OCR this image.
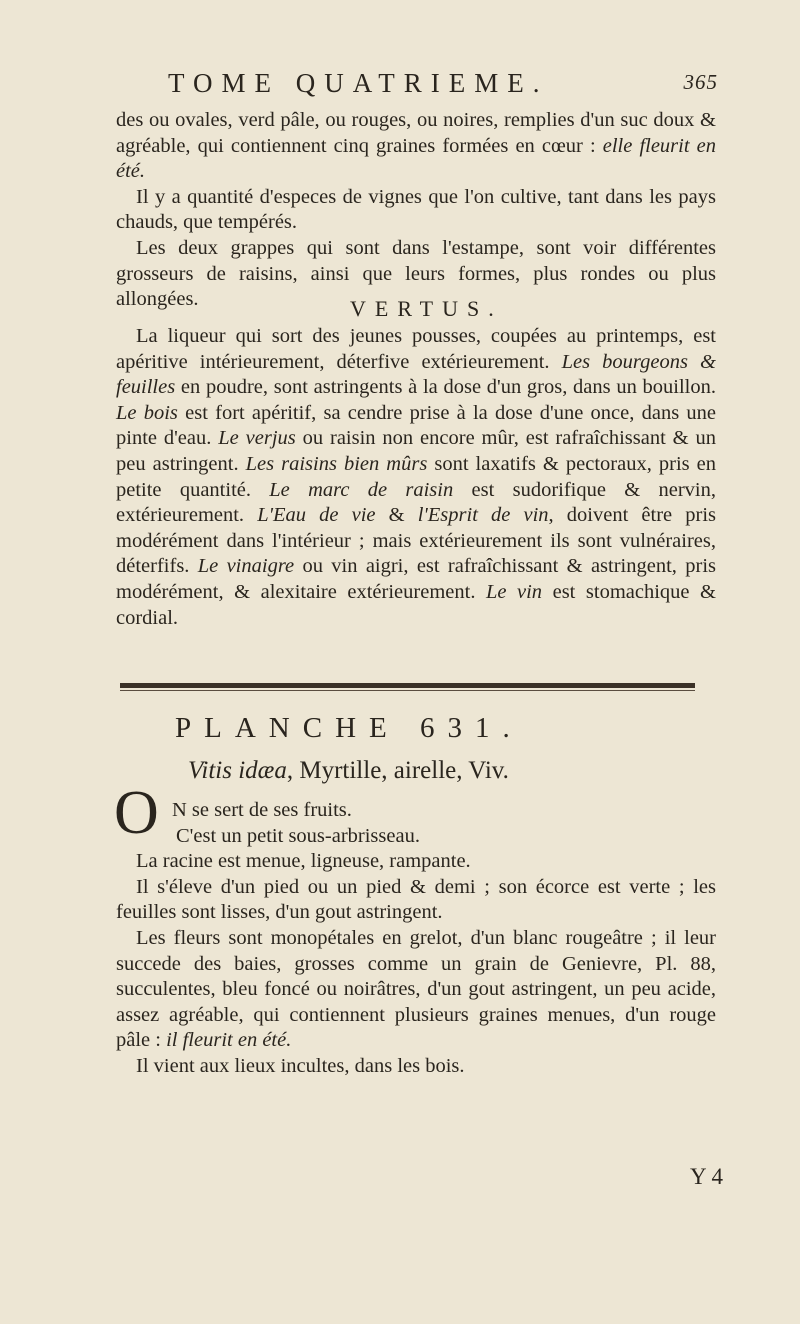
TOME QUATRIEME.	365

des ou ovales, verd pâle, ou rouges, ou noires, remplies d'un suc doux & agréable, qui contiennent cinq graines formées en cœur : elle fleurit en été.

Il y a quantité d'especes de vignes que l'on cultive, tant dans les pays chauds, que tempérés.

Les deux grappes qui sont dans l'estampe, sont voir différentes grosseurs de raisins, ainsi que leurs formes, plus rondes ou plus allongées.	VERTUS.

La liqueur qui sort des jeunes pousses, coupées au printemps, est apéritive intérieurement, déterfive extérieurement. Les bourgeons & feuilles en poudre, sont astringents à la dose d'un gros, dans un bouillon. Le bois est fort apéritif, sa cendre prise à la dose d'une once, dans une pinte d'eau. Le verjus ou raisin non encore mûr, est rafraîchissant & un peu astringent. Les raisins bien mûrs sont laxatifs & pectoraux, pris en petite quantité. Le marc de raisin est sudorifique & nervin, extérieurement. L'Eau de vie & l'Esprit de vin, doivent être pris modérément dans l'intérieur ; mais extérieurement ils sont vulnéraires, déterfifs. Le vinaigre ou vin aigri, est rafraîchissant & astringent, pris modérément, & alexitaire extérieurement. Le vin est stomachique & cordial.

PLANCHE 631.
Vitis idæa, Myrtille, airelle, Viv.
O N se sert de ses fruits.

C'est un petit sous-arbrisseau.

La racine est menue, ligneuse, rampante.

Il s'éleve d'un pied ou un pied & demi ; son écorce est verte ; les feuilles sont lisses, d'un gout astringent.

Les fleurs sont monopétales en grelot, d'un blanc rougeâtre ; il leur succede des baies, grosses comme un grain de Genievre, Pl. 88, succulentes, bleu foncé ou noirâtres, d'un gout astringent, un peu acide, assez agréable, qui contiennent plusieurs graines menues, d'un rouge pâle : il fleurit en été.

Il vient aux lieux incultes, dans les bois.

Y 4
